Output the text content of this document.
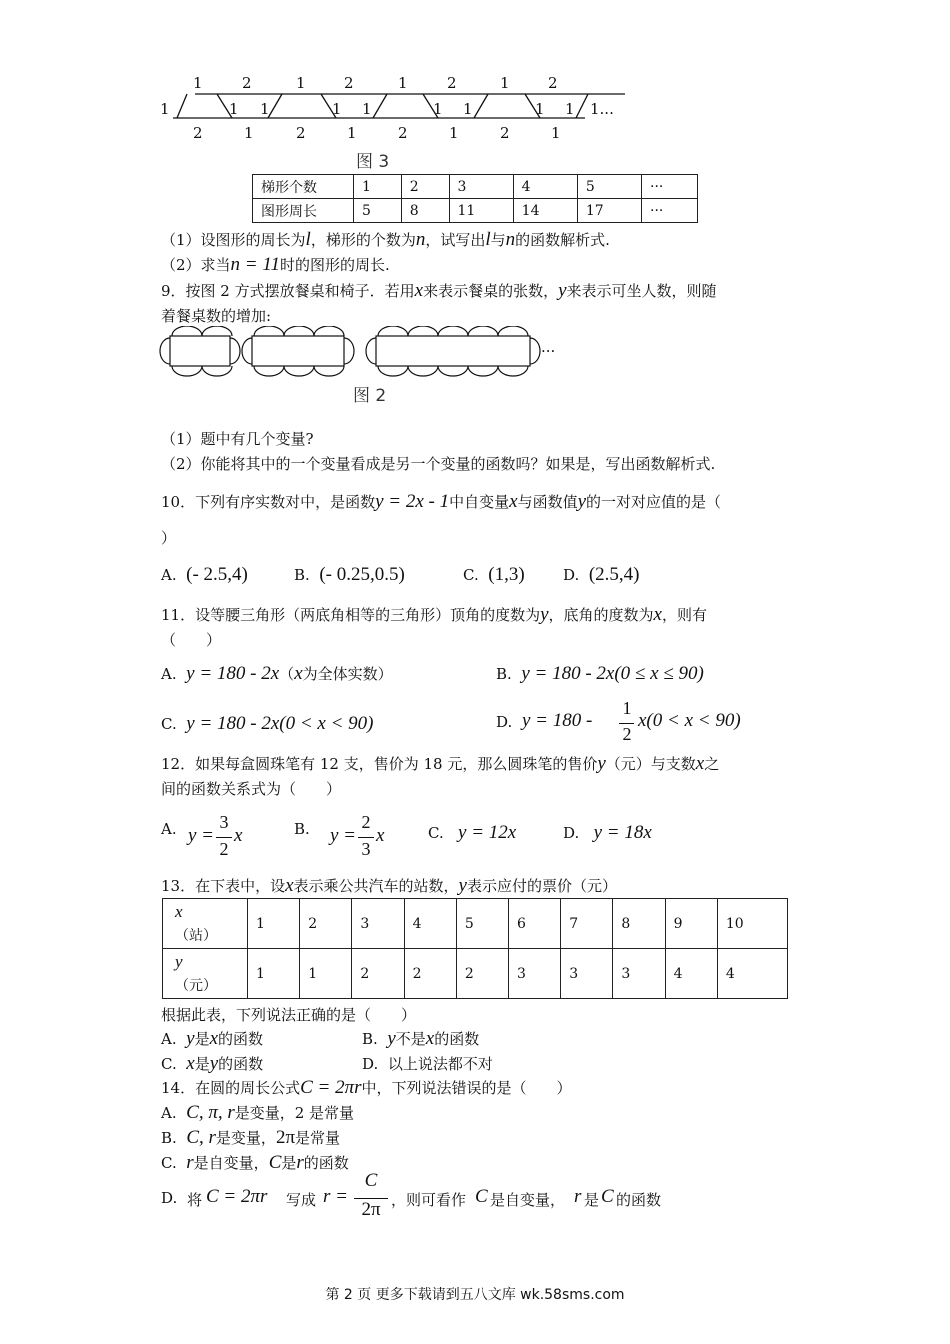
1	2	1	2	1	2	1	2
1	1 1	1 1	1 1	1 1 1...
2	1	2	1	2	1	2	1
图 3
梯形个数	1	2	3	4	5	···
图形周长	5	8	11	14	17	···
（1）设图形的周长为l，梯形的个数为n，试写出l与n的函数解析式.
（2）求当n = 11时的图形的周长.
9．按图 2 方式摆放餐桌和椅子．若用x来表示餐桌的张数，y来表示可坐人数，则随
着餐桌数的增加:
···
图 2
（1）题中有几个变量?
（2）你能将其中的一个变量看成是另一个变量的函数吗？如果是，写出函数解析式.
10．下列有序实数对中，是函数y = 2x - 1中自变量x与函数值y的一对对应值的是（
）
A. (- 2.5,4)	B. (- 0.25,0.5)	C. (1,3)	D. (2.5,4)
11．设等腰三角形（两底角相等的三角形）顶角的度数为y，底角的度数为x，则有
（　　）
A. y = 180 - 2x（x为全体实数）	B. y = 180 - 2x(0 ≤ x ≤ 90)
C. y = 180 - 2x(0 < x < 90)	D. y = 180 -
1
2
x(0 < x < 90)
12．如果每盒圆珠笔有 12 支，售价为 18 元，那么圆珠笔的售价y（元）与支数x之
间的函数关系式为（　　）
A. y =
3
2
x	B. y =
2
3
x	C. y = 12x	D. y = 18x
13．在下表中，设x表示乘公共汽车的站数，y表示应付的票价（元）
x
（站）	1	2	3	4	5	6	7	8	9	10

y
（元）	1	1	2	2	2	3	3	3	4	4
根据此表，下列说法正确的是（　　）
A. y是x的函数	B. y不是x的函数
C. x是y的函数	D. 以上说法都不对
14．在圆的周长公式C = 2πr中，下列说法错误的是（　　）
A. C, π, r是变量，2 是常量
B. C, r是变量，2π是常量
C. r是自变量，C是r的函数
D. 将 C = 2πr 写成 r =
C
2π ，则可看作 C 是自变量， r 是 C 的函数
第 2 页 更多下载请到五八文库 wk.58sms.com
